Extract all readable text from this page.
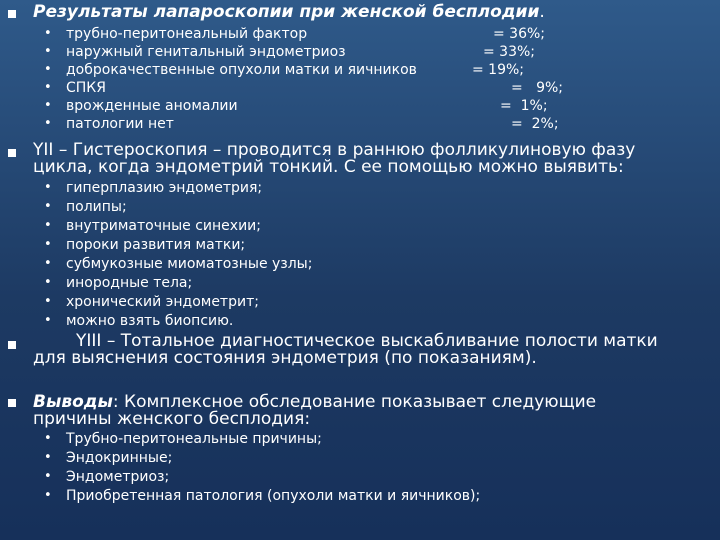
Результаты лапароскопии при женской бесплодии.
• трубно-перитонеальный фактор	= 36%;
• наружный генитальный эндометриоз	= 33%;
• доброкачественные опухоли матки и яичников	= 19%;
• СПКЯ	=   9%;
• врожденные аномалии	=  1%;
• патологии нет	=  2%;
YII – Гистероскопия – проводится в раннюю фолликулиновую фазу
цикла, когда эндометрий тонкий. С ее помощью можно выявить:
• гиперплазию эндометрия;
• полипы;
• внутриматочные синехии;
• пороки развития матки;
• субмукозные миоматозные узлы;
• инородные тела;
• хронический эндометрит;
• можно взять биопсию.
YIII – Тотальное диагностическое выскабливание полости матки
для выяснения состояния эндометрия (по показаниям).
Выводы: Комплексное обследование показывает следующие
причины женского бесплодия:
• Трубно-перитонеальные причины;
• Эндокринные;
• Эндометриоз;
• Приобретенная патология (опухоли матки и яичников);
